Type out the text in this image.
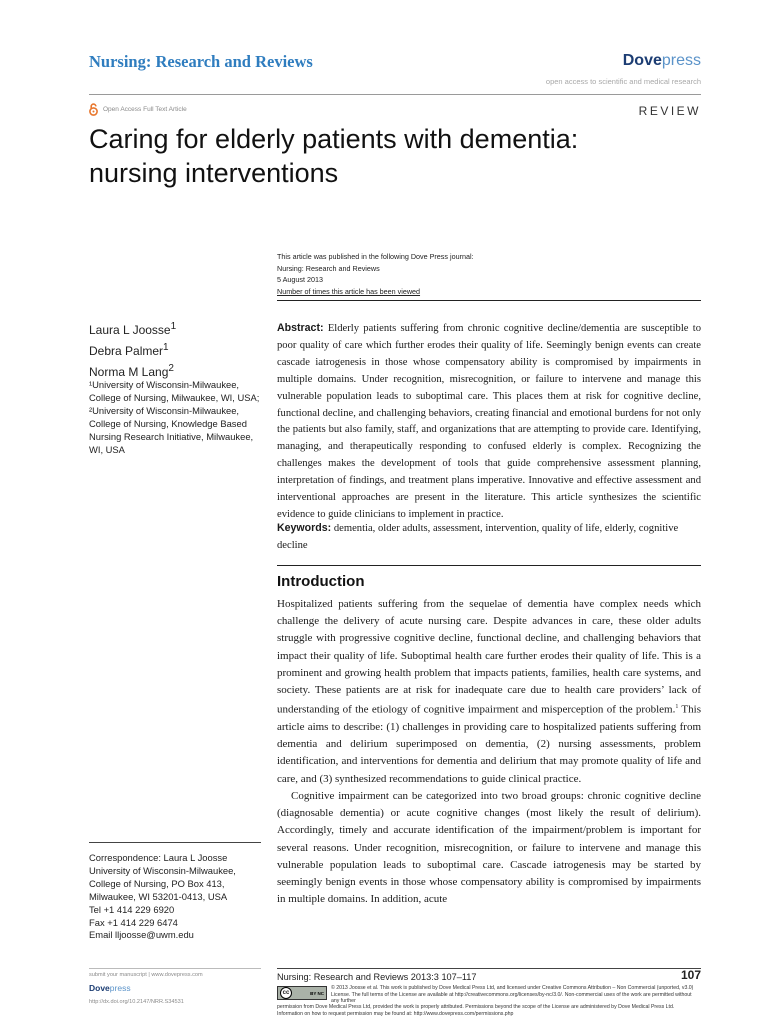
Nursing: Research and Reviews	Dovepress
open access to scientific and medical research
Open Access Full Text Article	REVIEW
Caring for elderly patients with dementia:
nursing interventions
This article was published in the following Dove Press journal:
Nursing: Research and Reviews
5 August 2013
Number of times this article has been viewed
Laura L Joosse$^1$
Debra Palmer$^1$
Norma M Lang$^2$

¹University of Wisconsin-Milwaukee, College of Nursing, Milwaukee, WI, USA; ²University of Wisconsin-Milwaukee, College of Nursing, Knowledge Based Nursing Research Initiative, Milwaukee, WI, USA

Abstract: Elderly patients suffering from chronic cognitive decline/dementia are susceptible to poor quality of care which further erodes their quality of life. Seemingly benign events can create cascade iatrogenesis in those whose compensatory ability is compromised by impairments in multiple domains. Under recognition, misrecognition, or failure to intervene and manage this vulnerable population leads to suboptimal care. This places them at risk for cognitive decline, functional decline, and challenging behaviors, creating financial and emotional burdens for not only the patients but also family, staff, and organizations that are attempting to provide care. Identifying, managing, and therapeutically responding to confused elderly is complex. Recognizing the challenges makes the development of tools that guide comprehensive assessment planning, interpretation of findings, and treatment plans imperative. Innovative and effective assessment and interventional approaches are present in the literature. This article synthesizes the scientific evidence to guide clinicians to implement in practice.

Keywords: dementia, older adults, assessment, intervention, quality of life, elderly, cognitive decline

Introduction

Hospitalized patients suffering from the sequelae of dementia have complex needs which challenge the delivery of acute nursing care. Despite advances in care, these older adults struggle with progressive cognitive decline, functional decline, and challenging behaviors that impact their quality of life. Suboptimal health care further erodes their quality of life. This is a prominent and growing health problem that impacts patients, families, health care systems, and society. These patients are at risk for inadequate care due to health care providers’ lack of understanding of the etiology of cognitive impairment and misperception of the problem.$^1$ This article aims to describe: (1) challenges in providing care to hospitalized patients suffering from dementia and delirium superimposed on dementia, (2) nursing assessments, problem identification, and interventions for dementia and delirium that may promote quality of life and care, and (3) synthesized recommendations to guide clinical practice.

Cognitive impairment can be categorized into two broad groups: chronic cognitive decline (diagnosable dementia) or acute cognitive changes (most likely the result of delirium). Accordingly, timely and accurate identification of the impairment/problem is important for several reasons. Under recognition, misrecognition, or failure to intervene and manage this vulnerable population leads to suboptimal care. Cascade iatrogenesis may be started by seemingly benign events in those whose compensatory ability is compromised by impairments in multiple domains. In addition, acute

Correspondence: Laura L Joosse
University of Wisconsin-Milwaukee,
College of Nursing, PO Box 413,
Milwaukee, WI 53201-0413, USA
Tel +1 414 229 6920
Fax +1 414 229 6474
Email lljoosse@uwm.edu
submit your manuscript | www.dovepress.com
Dovepress
http://dx.doi.org/10.2147/NRR.S34531
Nursing: Research and Reviews 2013:3 107–117	107
cc	BY NC

© 2013 Joosse et al. This work is published by Dove Medical Press Ltd, and licensed under Creative Commons Attribution – Non Commercial (unported, v3.0) License. The full terms of the License are available at http://creativecommons.org/licenses/by-nc/3.0/. Non-commercial uses of the work are permitted without any further

permission from Dove Medical Press Ltd, provided the work is properly attributed. Permissions beyond the scope of the License are administered by Dove Medical Press Ltd. Information on how to request permission may be found at: http://www.dovepress.com/permissions.php
